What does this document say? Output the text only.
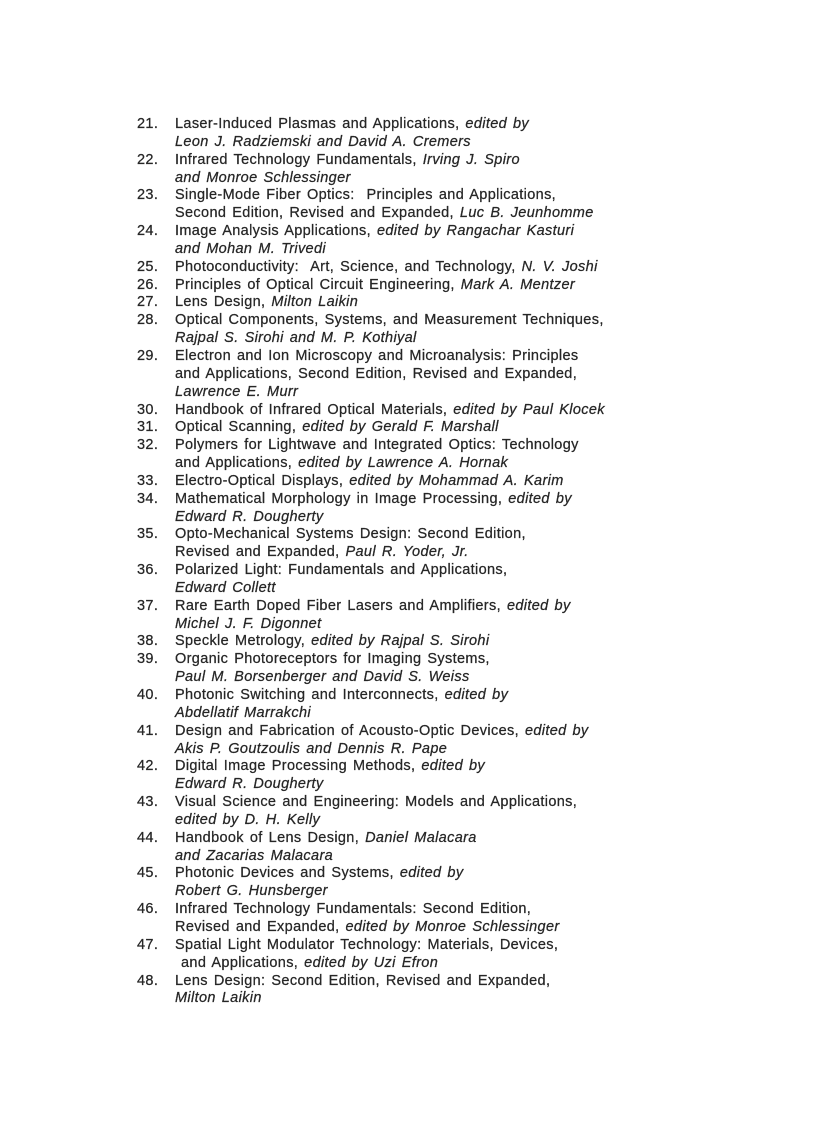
21.	Laser-Induced Plasmas and Applications, edited by
Leon J. Radziemski and David A. Cremers
22.	Infrared Technology Fundamentals, Irving J. Spiro
and Monroe Schlessinger
23.	Single-Mode Fiber Optics:  Principles and Applications,
Second Edition, Revised and Expanded, Luc B. Jeunhomme
24.	Image Analysis Applications, edited by Rangachar Kasturi
and Mohan M. Trivedi
25.	Photoconductivity:  Art, Science, and Technology, N. V. Joshi
26.	Principles of Optical Circuit Engineering, Mark A. Mentzer
27.	Lens Design, Milton Laikin
28.	Optical Components, Systems, and Measurement Techniques,
Rajpal S. Sirohi and M. P. Kothiyal
29.	Electron and Ion Microscopy and Microanalysis: Principles
and Applications, Second Edition, Revised and Expanded,
Lawrence E. Murr
30.	Handbook of Infrared Optical Materials, edited by Paul Klocek
31.	Optical Scanning, edited by Gerald F. Marshall
32.	Polymers for Lightwave and Integrated Optics: Technology
and Applications, edited by Lawrence A. Hornak
33.	Electro-Optical Displays, edited by Mohammad A. Karim
34.	Mathematical Morphology in Image Processing, edited by
Edward R. Dougherty
35.	Opto-Mechanical Systems Design: Second Edition,
Revised and Expanded, Paul R. Yoder, Jr.
36.	Polarized Light: Fundamentals and Applications,
Edward Collett
37.	Rare Earth Doped Fiber Lasers and Amplifiers, edited by
Michel J. F. Digonnet
38.	Speckle Metrology, edited by Rajpal S. Sirohi
39.	Organic Photoreceptors for Imaging Systems,
Paul M. Borsenberger and David S. Weiss
40.	Photonic Switching and Interconnects, edited by
Abdellatif Marrakchi
41.	Design and Fabrication of Acousto-Optic Devices, edited by
Akis P. Goutzoulis and Dennis R. Pape
42.	Digital Image Processing Methods, edited by
Edward R. Dougherty
43.	Visual Science and Engineering: Models and Applications,
edited by D. H. Kelly
44.	Handbook of Lens Design, Daniel Malacara
and Zacarias Malacara
45.	Photonic Devices and Systems, edited by
Robert G. Hunsberger
46.	Infrared Technology Fundamentals: Second Edition,
Revised and Expanded, edited by Monroe Schlessinger
47.	Spatial Light Modulator Technology: Materials, Devices,
and Applications, edited by Uzi Efron
48.	Lens Design: Second Edition, Revised and Expanded,
Milton Laikin
